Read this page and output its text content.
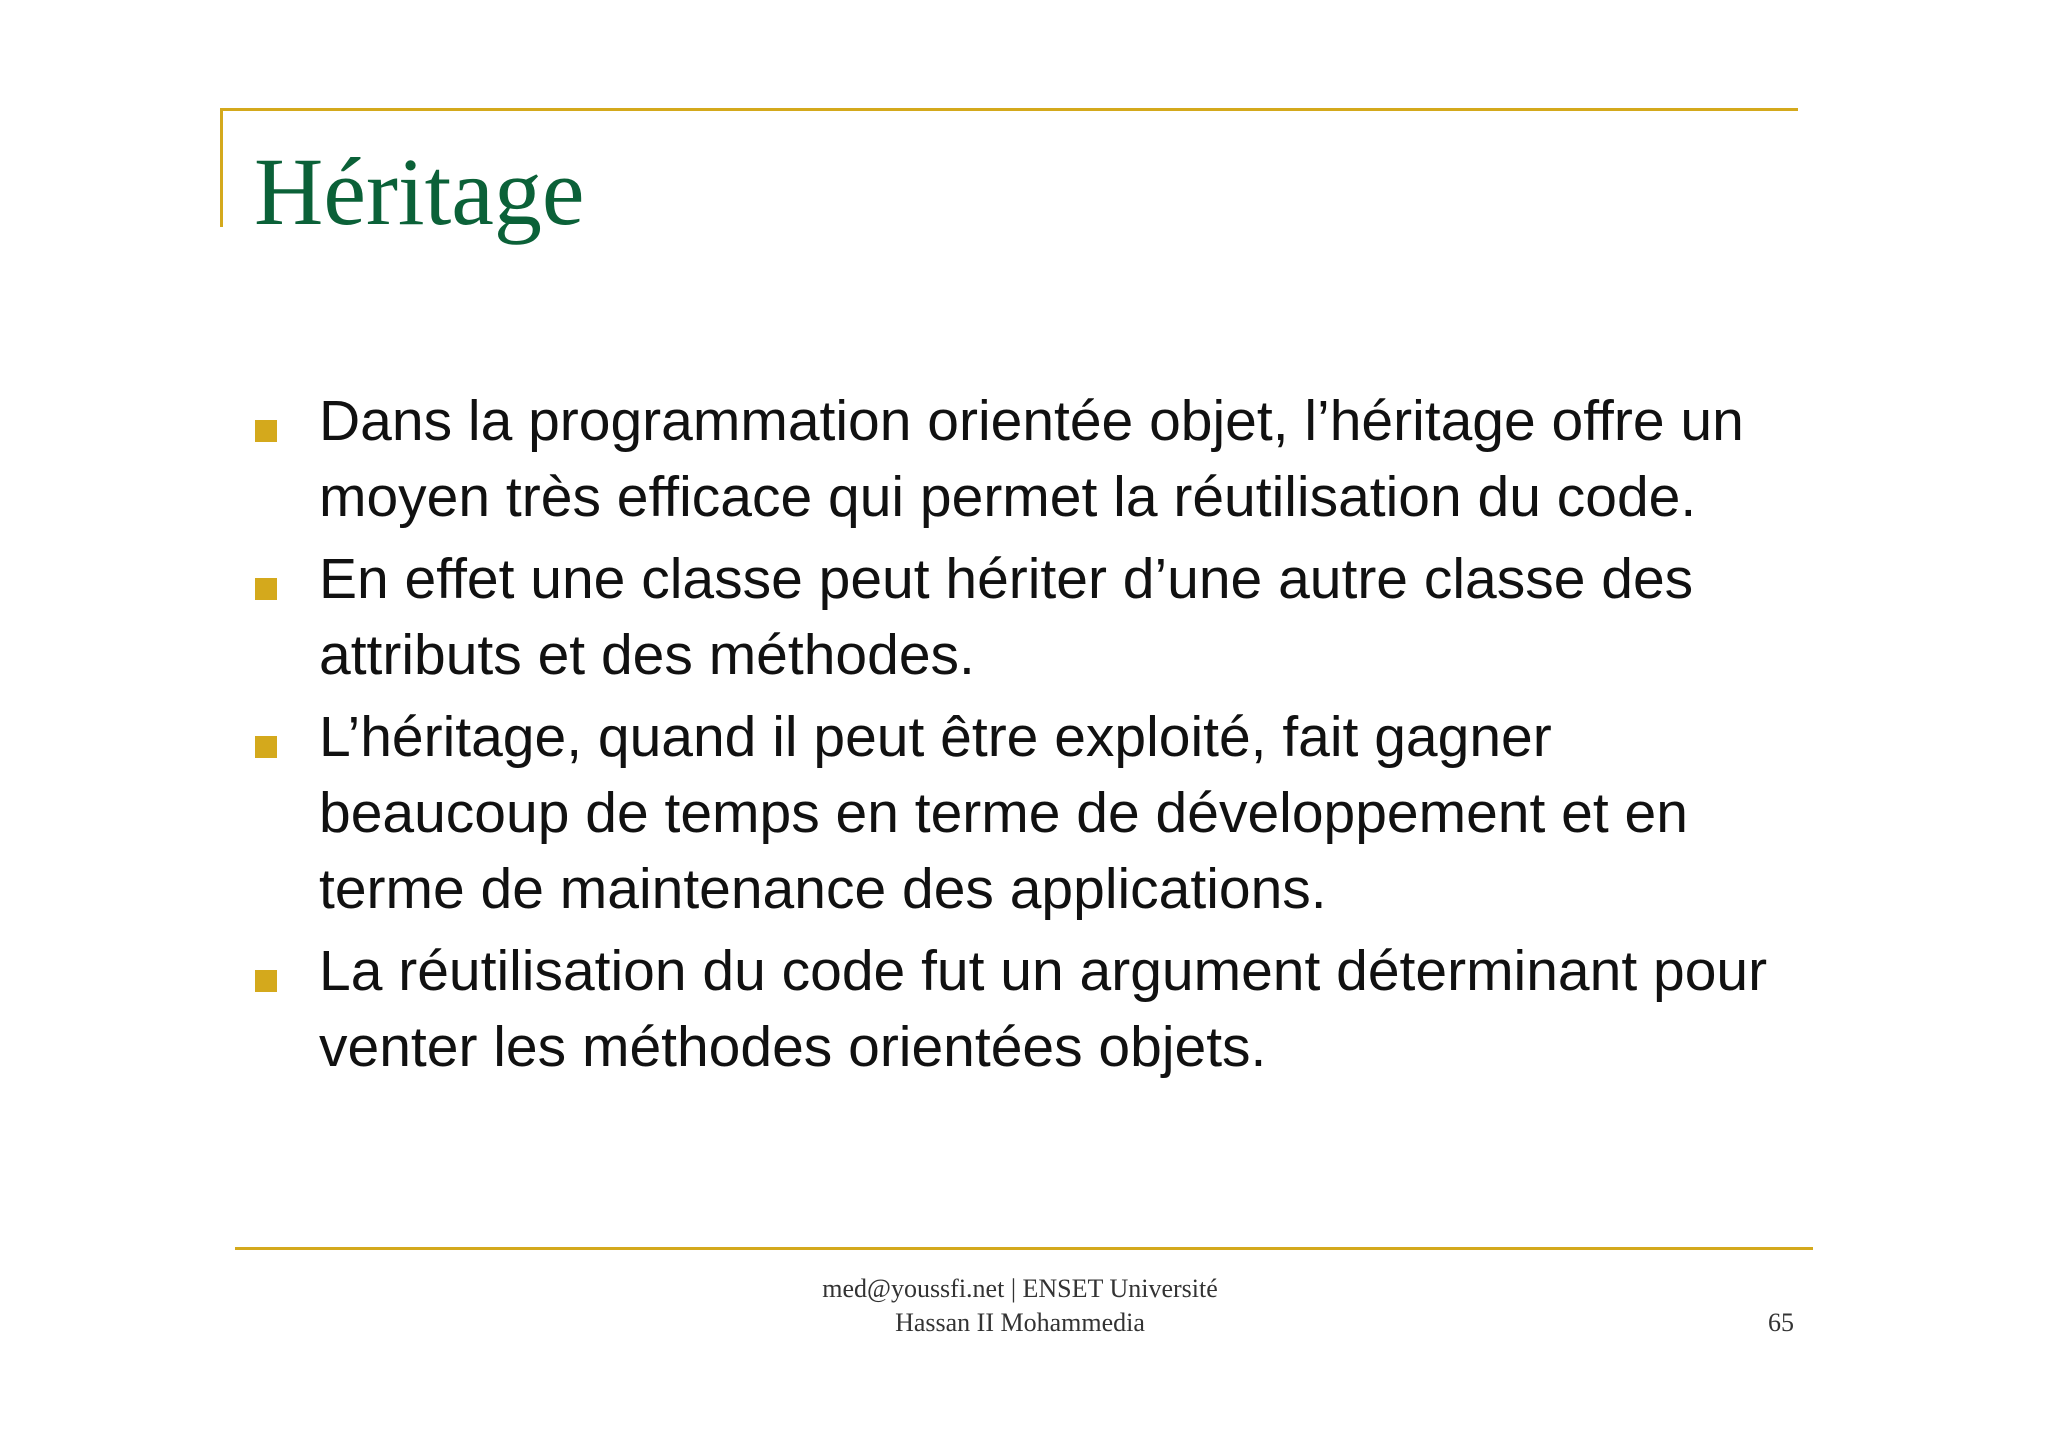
Héritage
Dans la programmation orientée objet, l’héritage offre un moyen très efficace qui permet la réutilisation du code.
En effet une classe peut hériter d’une autre classe des attributs et des méthodes.
L’héritage, quand il peut être exploité, fait gagner beaucoup de temps en terme de développement et en terme de maintenance des applications.
La réutilisation du code fut un argument déterminant pour venter les méthodes orientées objets.
med@youssfi.net | ENSET Université
Hassan II Mohammedia	65
